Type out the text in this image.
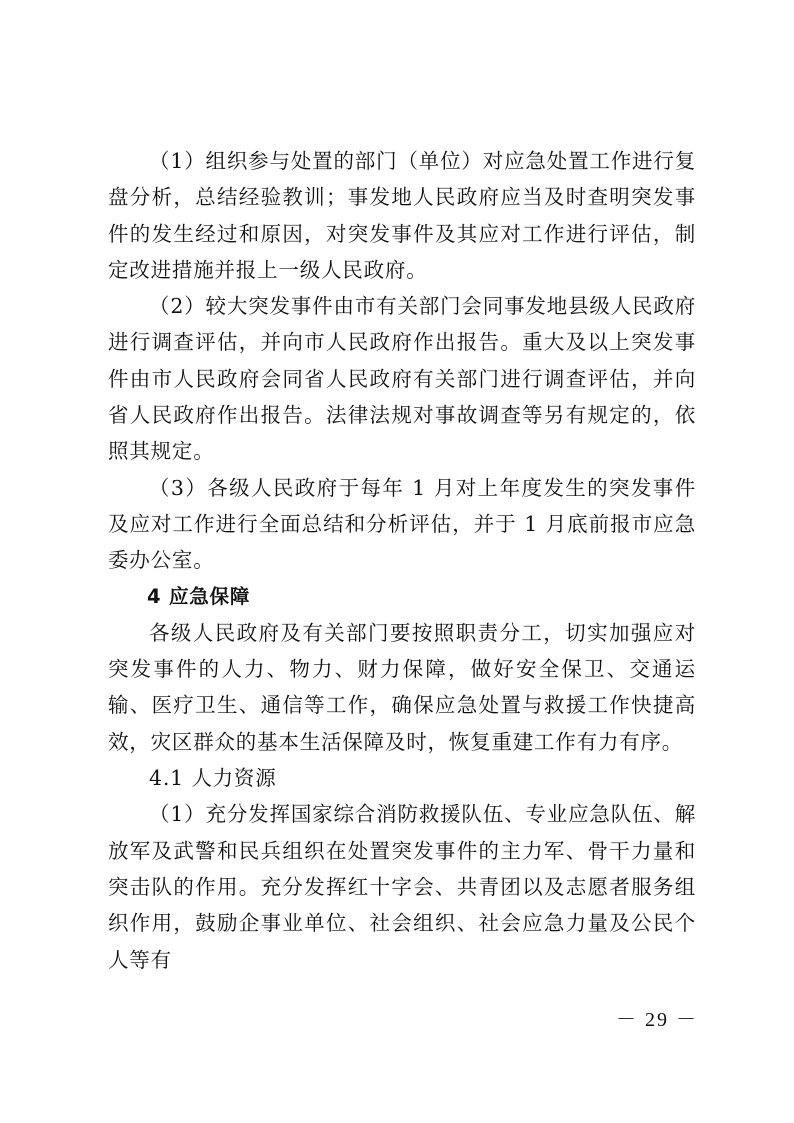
（1）组织参与处置的部门（单位）对应急处置工作进行复盘分析，总结经验教训；事发地人民政府应当及时查明突发事件的发生经过和原因，对突发事件及其应对工作进行评估，制定改进措施并报上一级人民政府。

（2）较大突发事件由市有关部门会同事发地县级人民政府进行调查评估，并向市人民政府作出报告。重大及以上突发事件由市人民政府会同省人民政府有关部门进行调查评估，并向省人民政府作出报告。法律法规对事故调查等另有规定的，依照其规定。

（3）各级人民政府于每年 1 月对上年度发生的突发事件及应对工作进行全面总结和分析评估，并于 1 月底前报市应急委办公室。

4 应急保障

各级人民政府及有关部门要按照职责分工，切实加强应对突发事件的人力、物力、财力保障，做好安全保卫、交通运输、医疗卫生、通信等工作，确保应急处置与救援工作快捷高效，灾区群众的基本生活保障及时，恢复重建工作有力有序。

4.1 人力资源

（1）充分发挥国家综合消防救援队伍、专业应急队伍、解放军及武警和民兵组织在处置突发事件的主力军、骨干力量和突击队的作用。充分发挥红十字会、共青团以及志愿者服务组织作用，鼓励企事业单位、社会组织、社会应急力量及公民个人等有

－ 29 －
